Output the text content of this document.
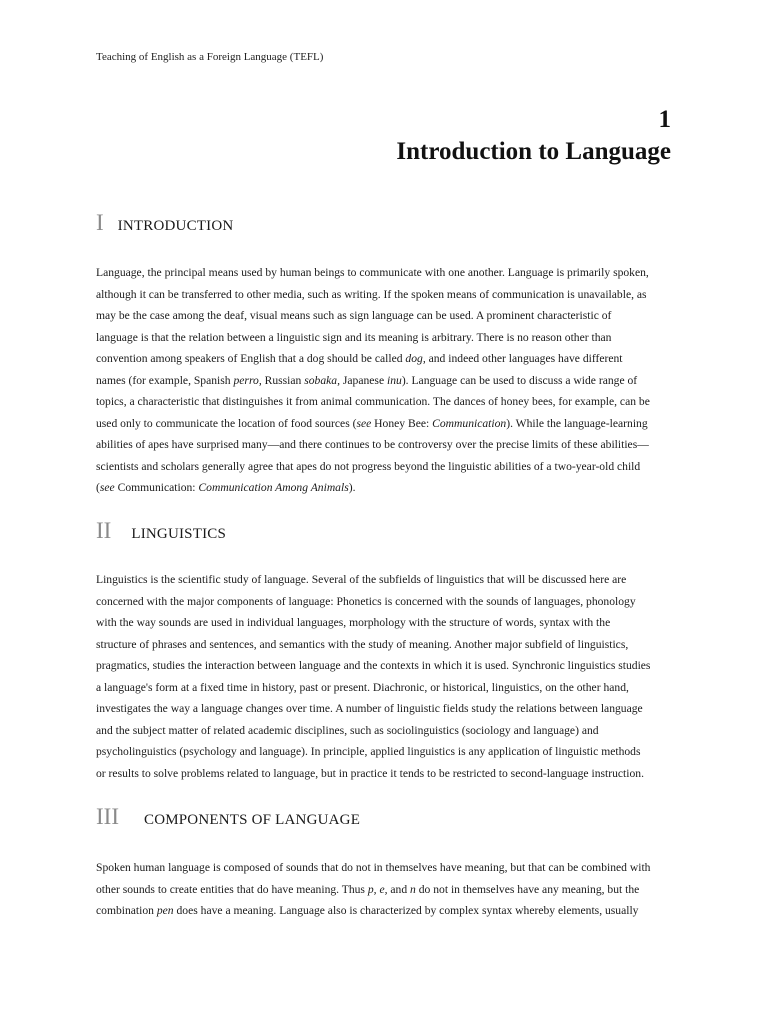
Teaching of English as a Foreign Language (TEFL)
1
Introduction to Language
I INTRODUCTION
Language, the principal means used by human beings to communicate with one another. Language is primarily spoken,
although it can be transferred to other media, such as writing. If the spoken means of communication is unavailable, as
may be the case among the deaf, visual means such as sign language can be used. A prominent characteristic of
language is that the relation between a linguistic sign and its meaning is arbitrary. There is no reason other than
convention among speakers of English that a dog should be called dog, and indeed other languages have different
names (for example, Spanish perro, Russian sobaka, Japanese inu). Language can be used to discuss a wide range of
topics, a characteristic that distinguishes it from animal communication. The dances of honey bees, for example, can be
used only to communicate the location of food sources (see Honey Bee: Communication). While the language-learning
abilities of apes have surprised many—and there continues to be controversy over the precise limits of these abilities—
scientists and scholars generally agree that apes do not progress beyond the linguistic abilities of a two-year-old child
(see Communication: Communication Among Animals).
II LINGUISTICS
Linguistics is the scientific study of language. Several of the subfields of linguistics that will be discussed here are
concerned with the major components of language: Phonetics is concerned with the sounds of languages, phonology
with the way sounds are used in individual languages, morphology with the structure of words, syntax with the
structure of phrases and sentences, and semantics with the study of meaning. Another major subfield of linguistics,
pragmatics, studies the interaction between language and the contexts in which it is used. Synchronic linguistics studies
a language's form at a fixed time in history, past or present. Diachronic, or historical, linguistics, on the other hand,
investigates the way a language changes over time. A number of linguistic fields study the relations between language
and the subject matter of related academic disciplines, such as sociolinguistics (sociology and language) and
psycholinguistics (psychology and language). In principle, applied linguistics is any application of linguistic methods
or results to solve problems related to language, but in practice it tends to be restricted to second-language instruction.
III COMPONENTS OF LANGUAGE
Spoken human language is composed of sounds that do not in themselves have meaning, but that can be combined with
other sounds to create entities that do have meaning. Thus p, e, and n do not in themselves have any meaning, but the
combination pen does have a meaning. Language also is characterized by complex syntax whereby elements, usually
